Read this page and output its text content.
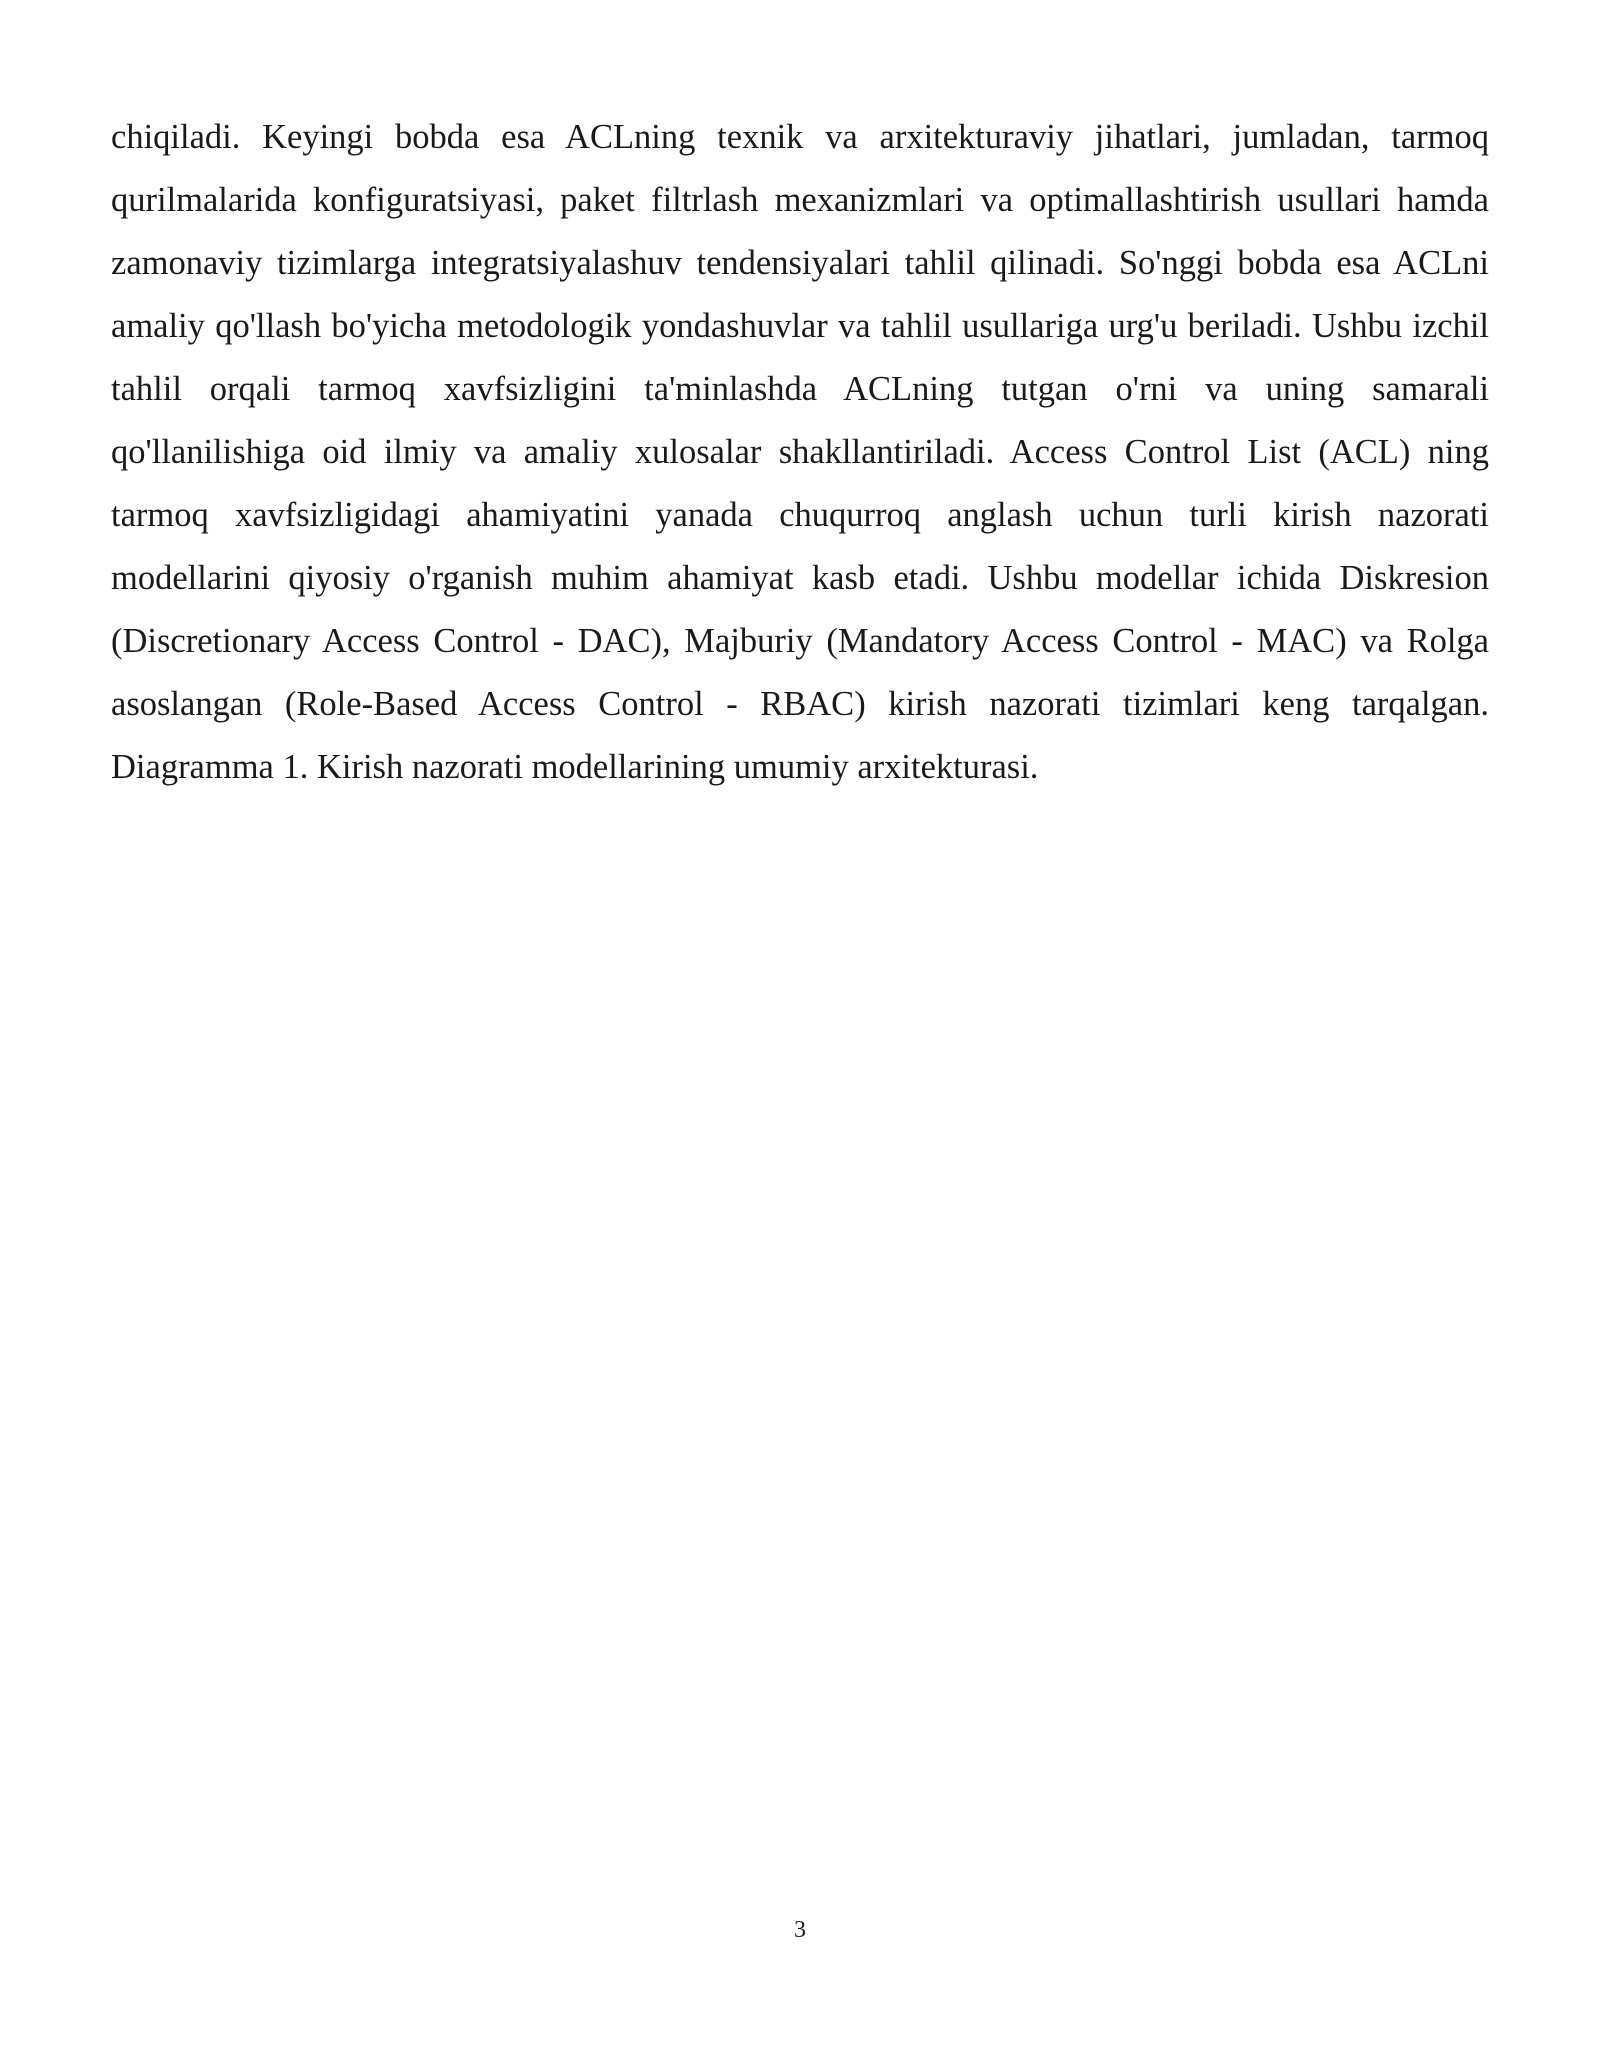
chiqiladi. Keyingi bobda esa ACLning texnik va arxitekturaviy jihatlari, jumladan, tarmoq qurilmalarida konfiguratsiyasi, paket filtrlash mexanizmlari va optimallashtirish usullari hamda zamonaviy tizimlarga integratsiyalashuv tendensiyalari tahlil qilinadi. So'nggi bobda esa ACLni amaliy qo'llash bo'yicha metodologik yondashuvlar va tahlil usullariga urg'u beriladi. Ushbu izchil tahlil orqali tarmoq xavfsizligini ta'minlashda ACLning tutgan o'rni va uning samarali qo'llanilishiga oid ilmiy va amaliy xulosalar shakllantiriladi. Access Control List (ACL) ning tarmoq xavfsizligidagi ahamiyatini yanada chuqurroq anglash uchun turli kirish nazorati modellarini qiyosiy o'rganish muhim ahamiyat kasb etadi. Ushbu modellar ichida Diskresion (Discretionary Access Control - DAC), Majburiy (Mandatory Access Control - MAC) va Rolga asoslangan (Role-Based Access Control - RBAC) kirish nazorati tizimlari keng tarqalgan. Diagramma 1. Kirish nazorati modellarining umumiy arxitekturasi.

3
